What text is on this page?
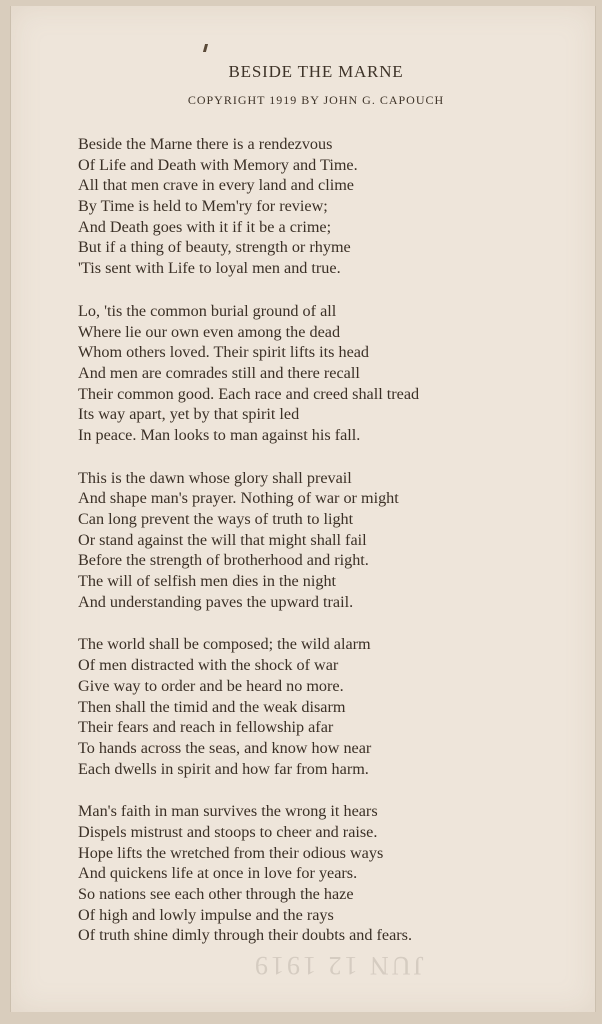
BESIDE THE MARNE

COPYRIGHT 1919 BY JOHN G. CAPOUCH

Beside the Marne there is a rendezvous
Of Life and Death with Memory and Time.
All that men crave in every land and clime
By Time is held to Mem'ry for review;
And Death goes with it if it be a crime;
But if a thing of beauty, strength or rhyme
'Tis sent with Life to loyal men and true.
Lo, 'tis the common burial ground of all
Where lie our own even among the dead
Whom others loved. Their spirit lifts its head
And men are comrades still and there recall
Their common good. Each race and creed shall tread
Its way apart, yet by that spirit led
In peace. Man looks to man against his fall.
This is the dawn whose glory shall prevail
And shape man's prayer. Nothing of war or might
Can long prevent the ways of truth to light
Or stand against the will that might shall fail
Before the strength of brotherhood and right.
The will of selfish men dies in the night
And understanding paves the upward trail.
The world shall be composed; the wild alarm
Of men distracted with the shock of war
Give way to order and be heard no more.
Then shall the timid and the weak disarm
Their fears and reach in fellowship afar
To hands across the seas, and know how near
Each dwells in spirit and how far from harm.
Man's faith in man survives the wrong it hears
Dispels mistrust and stoops to cheer and raise.
Hope lifts the wretched from their odious ways
And quickens life at once in love for years.
So nations see each other through the haze
Of high and lowly impulse and the rays
Of truth shine dimly through their doubts and fears.
JUN 12 1919
